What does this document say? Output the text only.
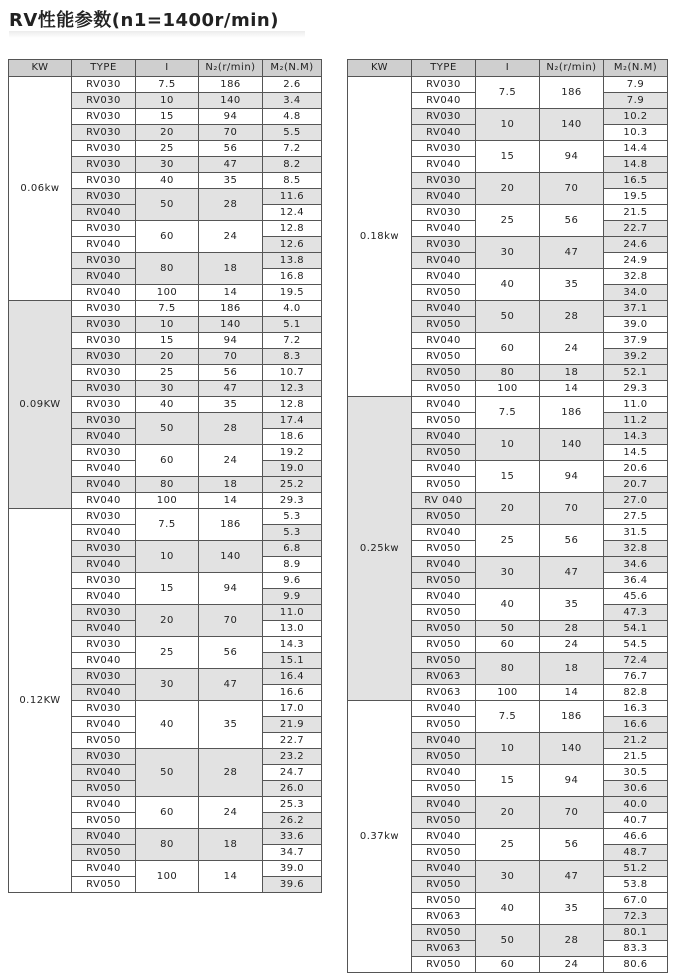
RV性能参数(n1=1400r/min)
KW	TYPE	I	N₂(r/min)	M₂(N.M)
0.06kw	RV030	7.5	186	2.6
	RV030	10	140	3.4
	RV030	15	94	4.8
	RV030	20	70	5.5
	RV030	25	56	7.2
	RV030	30	47	8.2
	RV030	40	35	8.5
	RV030	50	28	11.6
	RV040			12.4
	RV030	60	24	12.8
	RV040			12.6
	RV030	80	18	13.8
	RV040			16.8
	RV040	100	14	19.5
0.09KW	RV030	7.5	186	4.0
	RV030	10	140	5.1
	RV030	15	94	7.2
	RV030	20	70	8.3
	RV030	25	56	10.7
	RV030	30	47	12.3
	RV030	40	35	12.8
	RV030	50	28	17.4
	RV040			18.6
	RV030	60	24	19.2
	RV040			19.0
	RV040	80	18	25.2
	RV040	100	14	29.3
0.12KW	RV030	7.5	186	5.3
	RV040			5.3
	RV030	10	140	6.8
	RV040			8.9
	RV030	15	94	9.6
	RV040			9.9
	RV030	20	70	11.0
	RV040			13.0
	RV030	25	56	14.3
	RV040			15.1
	RV030	30	47	16.4
	RV040			16.6
	RV030	40	35	17.0
	RV040			21.9
	RV050			22.7
	RV030	50	28	23.2
	RV040			24.7
	RV050			26.0
	RV040	60	24	25.3
	RV050			26.2
	RV040	80	18	33.6
	RV050			34.7
	RV040	100	14	39.0
	RV050			39.6
KW	TYPE	I	N₂(r/min)	M₂(N.M)
0.18kw	RV030	7.5	186	7.9
	RV040			7.9
	RV030	10	140	10.2
	RV040			10.3
	RV030	15	94	14.4
	RV040			14.8
	RV030	20	70	16.5
	RV040			19.5
	RV030	25	56	21.5
	RV040			22.7
	RV030	30	47	24.6
	RV040			24.9
	RV040	40	35	32.8
	RV050			34.0
	RV040	50	28	37.1
	RV050			39.0
	RV040	60	24	37.9
	RV050			39.2
	RV050	80	18	52.1
	RV050	100	14	29.3
0.25kw	RV040	7.5	186	11.0
	RV050			11.2
	RV040	10	140	14.3
	RV050			14.5
	RV040	15	94	20.6
	RV050			20.7
	RV 040	20	70	27.0
	RV050			27.5
	RV040	25	56	31.5
	RV050			32.8
	RV040	30	47	34.6
	RV050			36.4
	RV040	40	35	45.6
	RV050			47.3
	RV050	50	28	54.1
	RV050	60	24	54.5
	RV050	80	18	72.4
	RV063			76.7
	RV063	100	14	82.8
0.37kw	RV040	7.5	186	16.3
	RV050			16.6
	RV040	10	140	21.2
	RV050			21.5
	RV040	15	94	30.5
	RV050			30.6
	RV040	20	70	40.0
	RV050			40.7
	RV040	25	56	46.6
	RV050			48.7
	RV040	30	47	51.2
	RV050			53.8
	RV050	40	35	67.0
	RV063			72.3
	RV050	50	28	80.1
	RV063			83.3
	RV050	60	24	80.6
